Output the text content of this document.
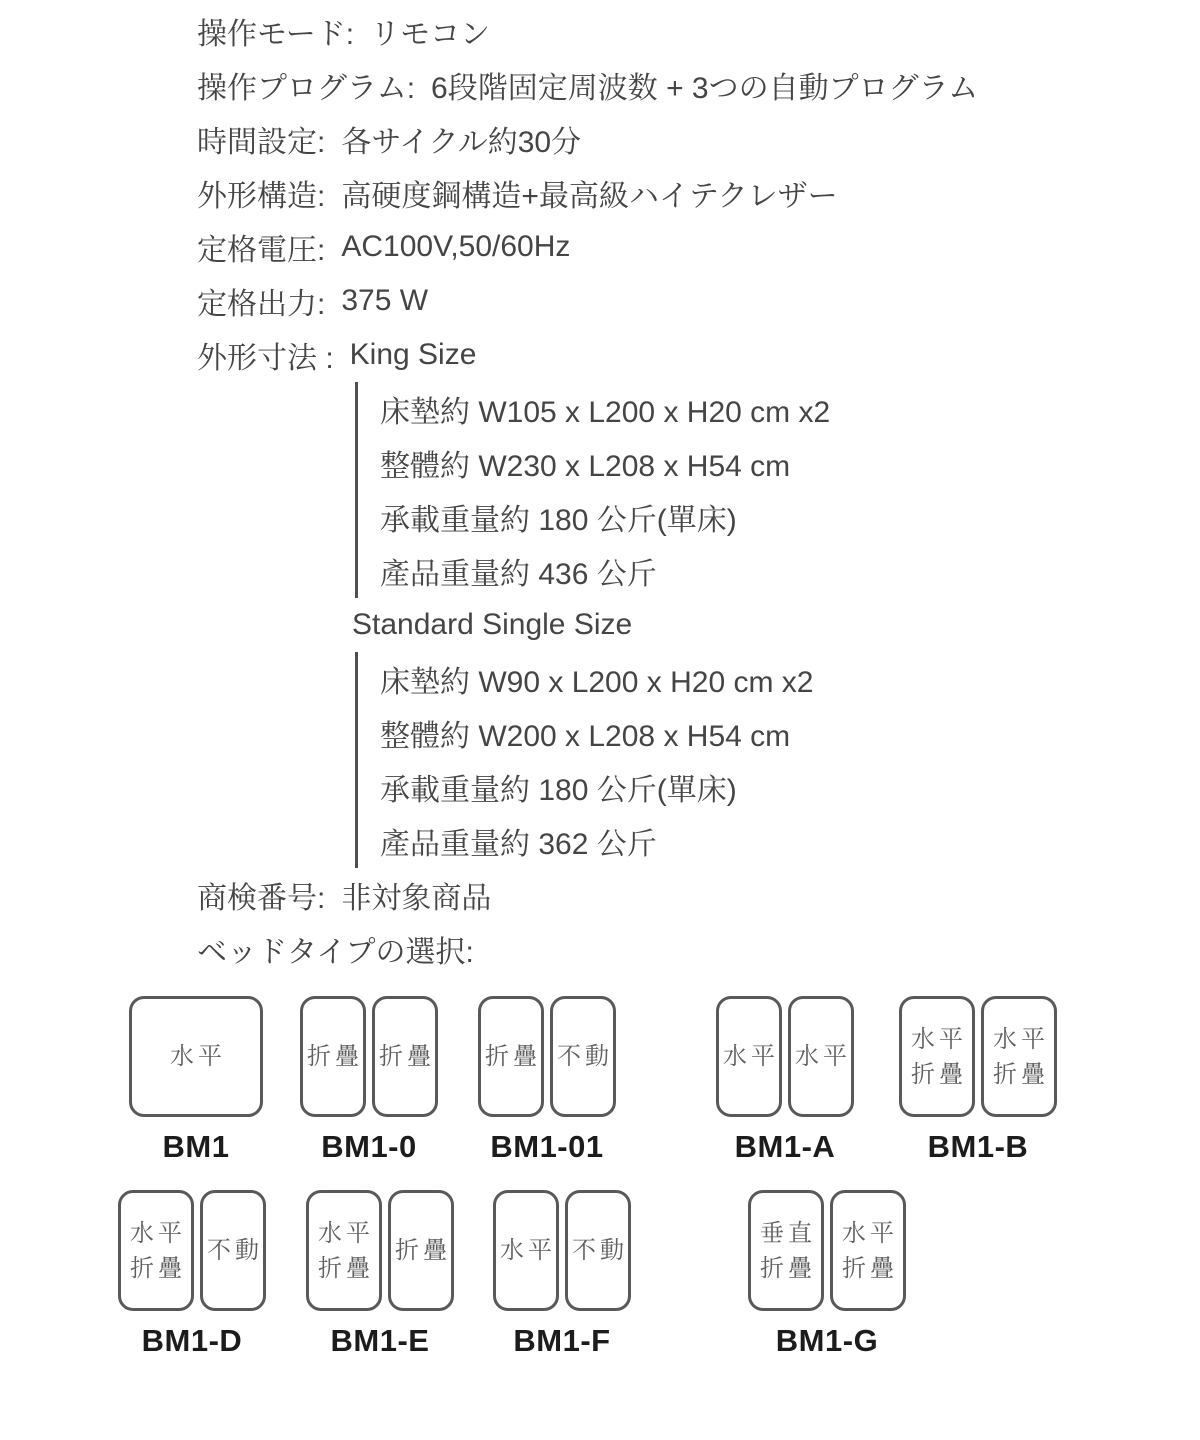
操作モード: リモコン
操作プログラム: 6段階固定周波数 + 3つの自動プログラム
時間設定: 各サイクル約30分
外形構造: 高硬度鋼構造+最高級ハイテクレザー
定格電圧: AC100V,50/60Hz
定格出力: 375 W
外形寸法 : King Size
床墊約 W105 x L200 x H20 cm x2
整體約 W230 x L208 x H54 cm
承載重量約 180 公斤(單床)
產品重量約 436 公斤
Standard Single Size
床墊約 W90 x L200 x H20 cm x2
整體約 W200 x L208 x H54 cm
承載重量約 180 公斤(單床)
產品重量約 362 公斤
商検番号: 非対象商品
ベッドタイプの選択:
水平
BM1
折疊 折疊
BM1-0
折疊 不動
BM1-01
水平 水平
BM1-A
水平
折疊
水平
折疊
BM1-B
水平
折疊
不動
BM1-D
水平
折疊
折疊
BM1-E
水平 不動
BM1-F
垂直
折疊
水平
折疊
BM1-G
